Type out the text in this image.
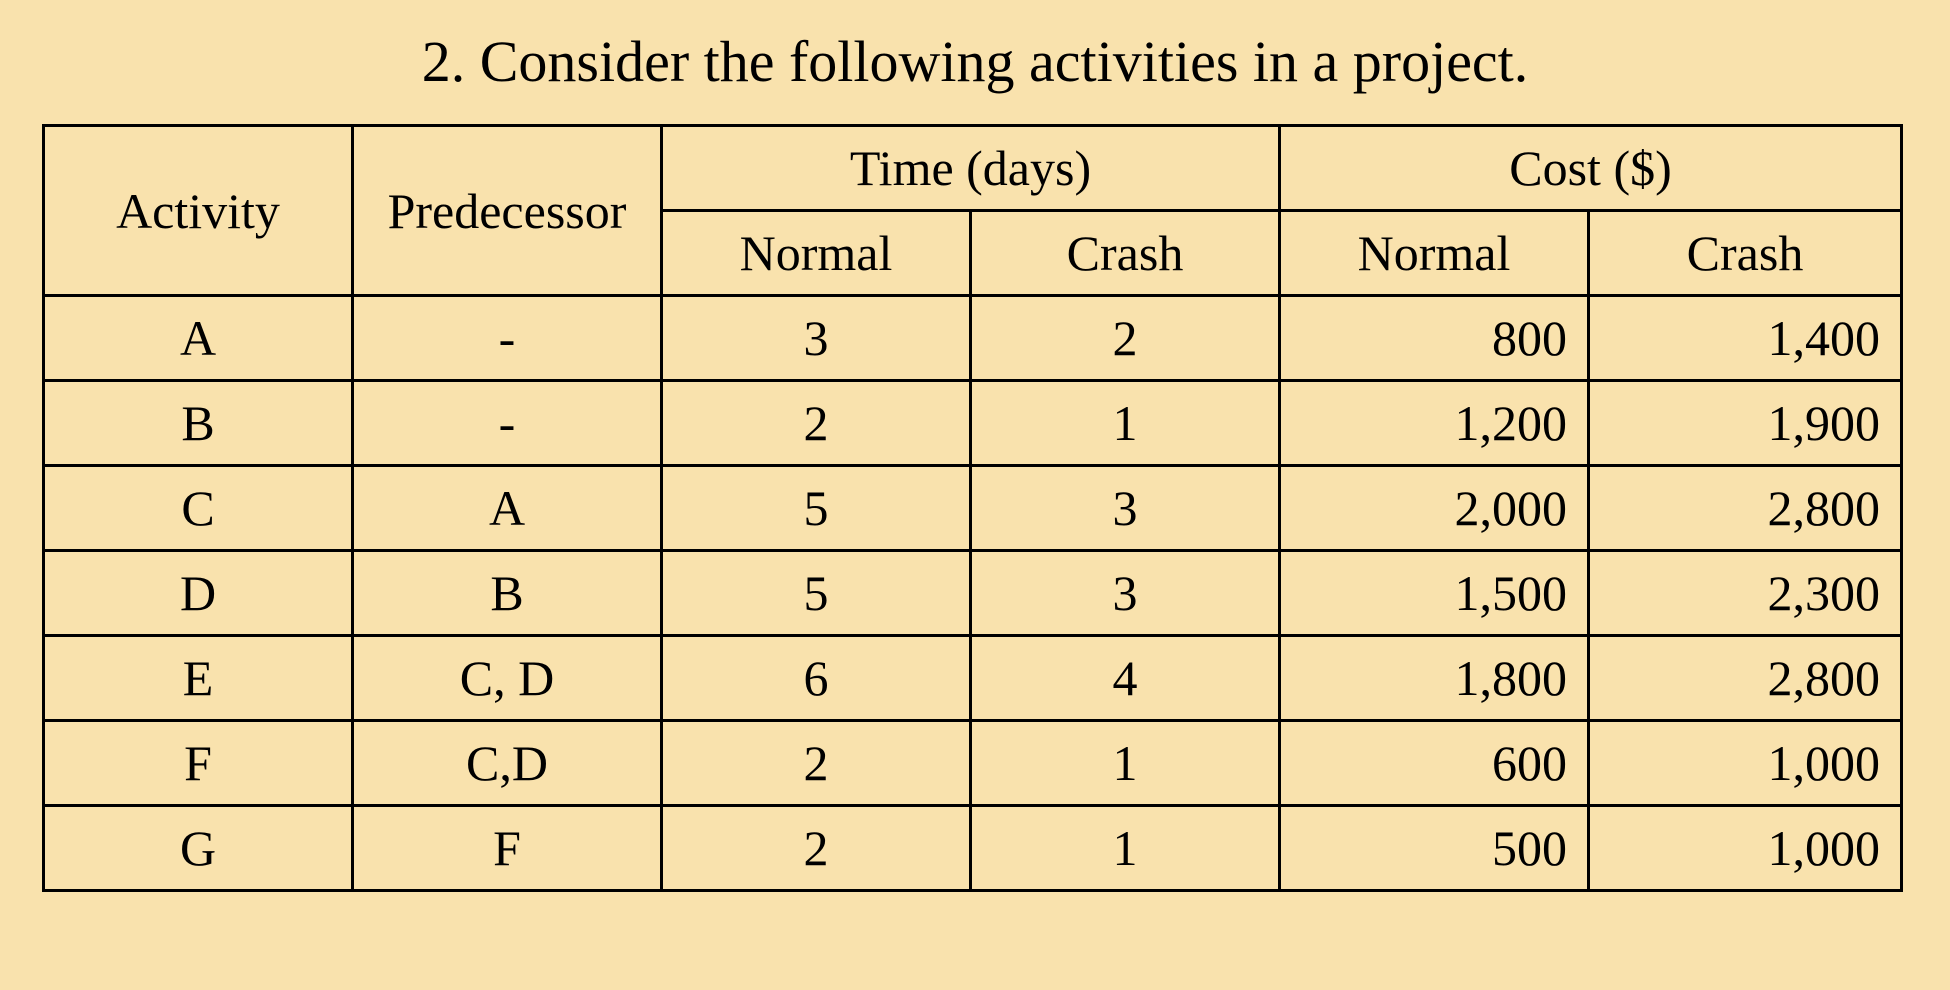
2. Consider the following activities in a project.
Activity	Predecessor	Time (days)		Cost ($)	
		Normal	Crash	Normal	Crash
A	-	3	2	800	1,400
B	-	2	1	1,200	1,900
C	A	5	3	2,000	2,800
D	B	5	3	1,500	2,300
E	C, D	6	4	1,800	2,800
F	C,D	2	1	600	1,000
G	F	2	1	500	1,000
